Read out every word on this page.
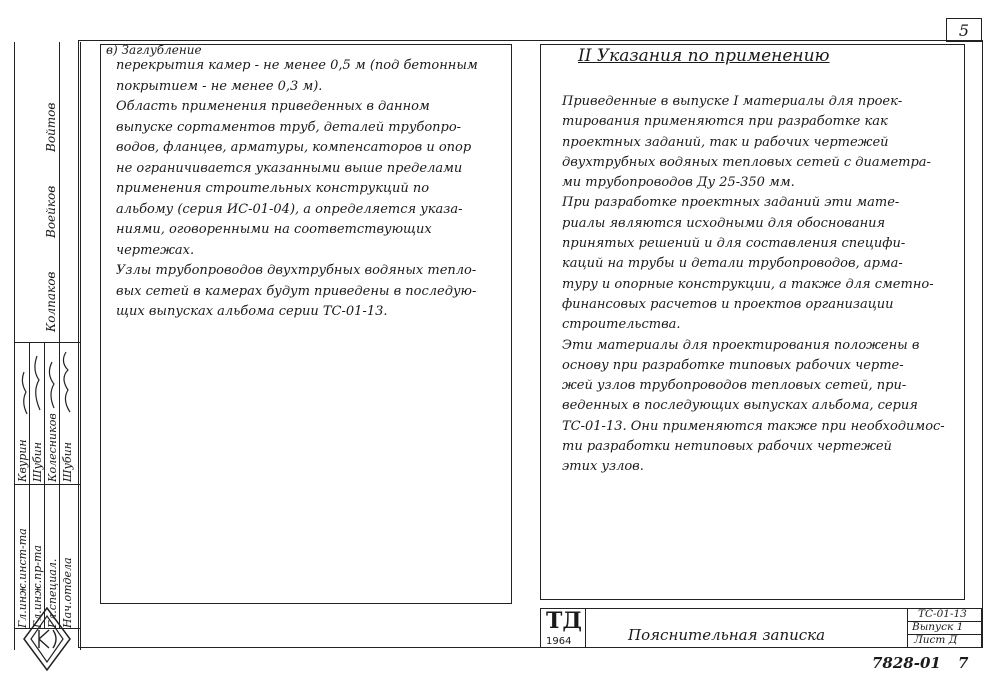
5
в) Заглубление
перекрытия камер - не менее 0,5 м (под бетонным
покрытием - не менее 0,3 м).
Область применения приведенных в данном
выпуске сортаментов труб, деталей трубопро-
водов, фланцев, арматуры, компенсаторов и опор
не ограничивается указанными выше пределами
применения строительных конструкций по
альбому (серия ИС-01-04), а определяется указа-
ниями, оговоренными на соответствующих
чертежах.
Узлы трубопроводов двухтрубных водяных тепло-
вых сетей в камерах будут приведены в последую-
щих выпусках альбома серии ТС-01-13.
II Указания по применению
Приведенные в выпуске I материалы для проек-
тирования применяются при разработке как
проектных заданий, так и рабочих чертежей
двухтрубных водяных тепловых сетей с диаметра-
ми трубопроводов Ду 25-350 мм.
При разработке проектных заданий эти мате-
риалы являются исходными для обоснования
принятых решений и для составления специфи-
каций на трубы и детали трубопроводов, арма-
туру и опорные конструкции, а также для сметно-
финансовых расчетов и проектов организации
строительства.
Эти материалы для проектирования положены в
основу при разработке типовых рабочих черте-
жей узлов трубопроводов тепловых сетей, при-
веденных в последующих выпусках альбома, серия
ТС-01-13. Они применяются также при необходимос-
ти разработки нетиповых рабочих чертежей
этих узлов.
Гл.инж.инст-та Гл.инж.пр-та Гл.специал. Нач.отдела
Квурин Шубин Колесников Шубин
Колпаков
Воейков
Войтов
ТД
1964	Пояснительная записка
ТС-01-13
Выпуск 1
Лист Д
7828-01 7
